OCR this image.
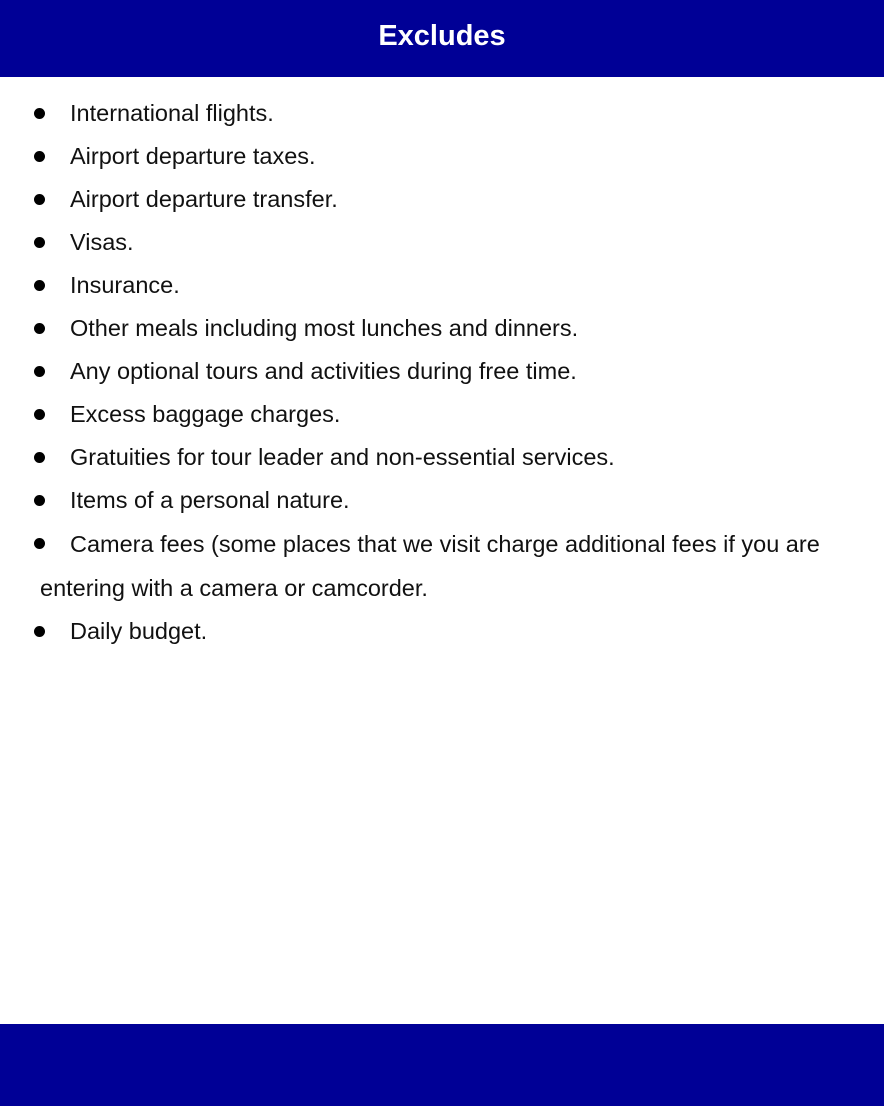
Excludes
International flights.
Airport departure taxes.
Airport departure transfer.
Visas.
Insurance.
Other meals including most lunches and dinners.
Any optional tours and activities during free time.
Excess baggage charges.
Gratuities for tour leader and non-essential services.
Items of a personal nature.
Camera fees (some places that we visit charge additional fees if you are entering with a camera or camcorder.
Daily budget.
